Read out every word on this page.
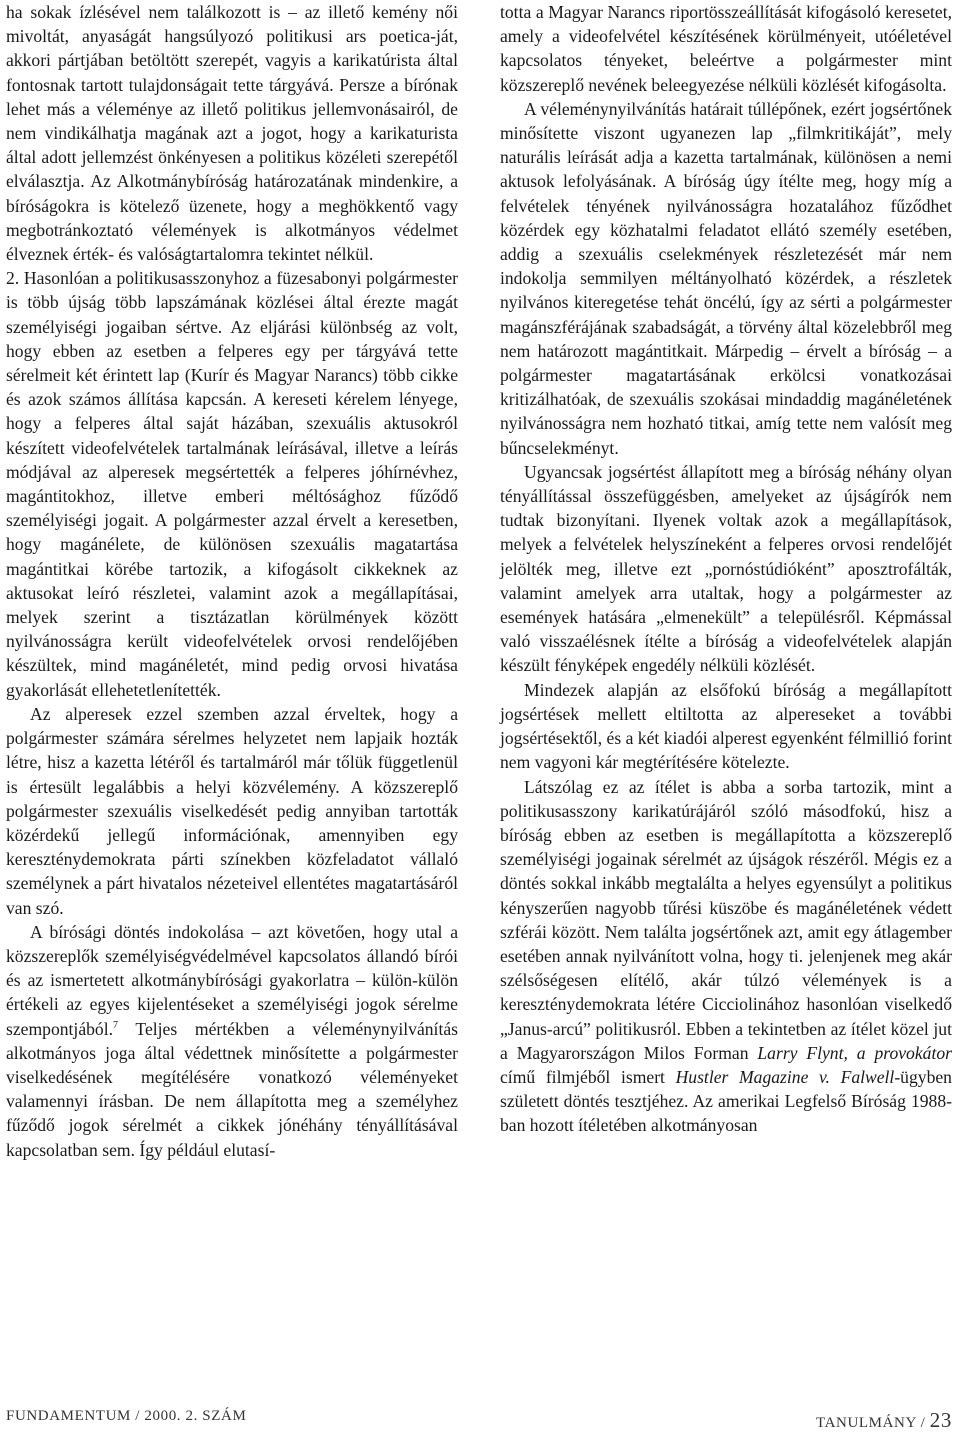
ha sokak ízlésével nem találkozott is – az illető kemény női mivoltát, anyaságát hangsúlyozó politikusi ars poetica-ját, akkori pártjában betöltött szerepét, vagyis a karikatúrista által fontosnak tartott tulajdonságait tette tárgyává. Persze a bírónak lehet más a véleménye az illető politikus jellemvonásairól, de nem vindikálhatja magának azt a jogot, hogy a karikaturista által adott jellemzést önkényesen a politikus közéleti szerepétől elválasztja. Az Alkotmánybíróság határozatának mindenkire, a bíróságokra is kötelező üzenete, hogy a meghökkentő vagy megbotránkoztató vélemények is alkotmányos védelmet élveznek érték- és valóságtartalomra tekintet nélkül.

2. Hasonlóan a politikusasszonyhoz a füzesabonyi polgármester is több újság több lapszámának közlései által érezte magát személyiségi jogaiban sértve. Az eljárási különbség az volt, hogy ebben az esetben a felperes egy per tárgyává tette sérelmeit két érintett lap (Kurír és Magyar Narancs) több cikke és azok számos állítása kapcsán. A kereseti kérelem lényege, hogy a felperes által saját házában, szexuális aktusokról készített videofelvételek tartalmának leírásával, illetve a leírás módjával az alperesek megsértették a felperes jóhírnévhez, magántitokhoz, illetve emberi méltósághoz fűződő személyiségi jogait. A polgármester azzal érvelt a keresetben, hogy magánélete, de különösen szexuális magatartása magántitkai körébe tartozik, a kifogásolt cikkeknek az aktusokat leíró részletei, valamint azok a megállapításai, melyek szerint a tisztázatlan körülmények között nyilvánosságra került videofelvételek orvosi rendelőjében készültek, mind magánéletét, mind pedig orvosi hivatása gyakorlását ellehetetlenítették.

Az alperesek ezzel szemben azzal érveltek, hogy a polgármester számára sérelmes helyzetet nem lapjaik hozták létre, hisz a kazetta létéről és tartalmáról már tőlük függetlenül is értesült legalábbis a helyi közvélemény. A közszereplő polgármester szexuális viselkedését pedig annyiban tartották közérdekű jellegű információnak, amennyiben egy kereszténydemokrata párti színekben közfeladatot vállaló személynek a párt hivatalos nézeteivel ellentétes magatartásáról van szó.

A bírósági döntés indokolása – azt követően, hogy utal a közszereplők személyiségvédelmével kapcsolatos állandó bírói és az ismertetett alkotmánybírósági gyakorlatra – külön-külön értékeli az egyes kijelentéseket a személyiségi jogok sérelme szempontjából.$^7$ Teljes mértékben a véleménynyilvánítás alkotmányos joga által védettnek minősítette a polgármester viselkedésének megítélésére vonatkozó véleményeket valamennyi írásban. De nem állapította meg a személyhez fűződő jogok sérelmét a cikkek jónéhány tényállításával kapcsolatban sem. Így például elutasí-

totta a Magyar Narancs riportösszeállítását kifogásoló keresetet, amely a videofelvétel készítésének körülményeit, utóéletével kapcsolatos tényeket, beleértve a polgármester mint közszereplő nevének beleegyezése nélküli közlését kifogásolta.

A véleménynyilvánítás határait túllépőnek, ezért jogsértőnek minősítette viszont ugyanezen lap „filmkritikáját”, mely naturális leírását adja a kazetta tartalmának, különösen a nemi aktusok lefolyásának. A bíróság úgy ítélte meg, hogy míg a felvételek tényének nyilvánosságra hozatalához fűződhet közérdek egy közhatalmi feladatot ellátó személy esetében, addig a szexuális cselekmények részletezését már nem indokolja semmilyen méltányolható közérdek, a részletek nyilvános kiteregetése tehát öncélú, így az sérti a polgármester magánszférájának szabadságát, a törvény által közelebbről meg nem határozott magántitkait. Márpedig – érvelt a bíróság – a polgármester magatartásának erkölcsi vonatkozásai kritizálhatóak, de szexuális szokásai mindaddig magánéletének nyilvánosságra nem hozható titkai, amíg tette nem valósít meg bűncselekményt.

Ugyancsak jogsértést állapított meg a bíróság néhány olyan tényállítással összefüggésben, amelyeket az újságírók nem tudtak bizonyítani. Ilyenek voltak azok a megállapítások, melyek a felvételek helyszíneként a felperes orvosi rendelőjét jelölték meg, illetve ezt „pornóstúdióként” aposztrofálták, valamint amelyek arra utaltak, hogy a polgármester az események hatására „elmenekült” a településről. Képmással való visszaélésnek ítélte a bíróság a videofelvételek alapján készült fényképek engedély nélküli közlését.

Mindezek alapján az elsőfokú bíróság a megállapított jogsértések mellett eltiltotta az alpereseket a további jogsértésektől, és a két kiadói alperest egyenként félmillió forint nem vagyoni kár megtérítésére kötelezte.

Látszólag ez az ítélet is abba a sorba tartozik, mint a politikusasszony karikatúrájáról szóló másodfokú, hisz a bíróság ebben az esetben is megállapította a közszereplő személyiségi jogainak sérelmét az újságok részéről. Mégis ez a döntés sokkal inkább megtalálta a helyes egyensúlyt a politikus kényszerűen nagyobb tűrési küszöbe és magánéletének védett szférái között. Nem találta jogsértőnek azt, amit egy átlagember esetében annak nyilvánított volna, hogy ti. jelenjenek meg akár szélsőségesen elítélő, akár túlzó vélemények is a kereszténydemokrata létére Cicciolinához hasonlóan viselkedő „Janus-arcú” politikusról. Ebben a tekintetben az ítélet közel jut a Magyarországon Milos Forman Larry Flynt, a provokátor című filmjéből ismert Hustler Magazine v. Falwell-ügyben született döntés tesztjéhez. Az amerikai Legfelső Bíróság 1988-ban hozott ítéletében alkotmányosan

FUNDAMENTUM / 2000. 2. SZÁM	TANULMÁNY / 23
